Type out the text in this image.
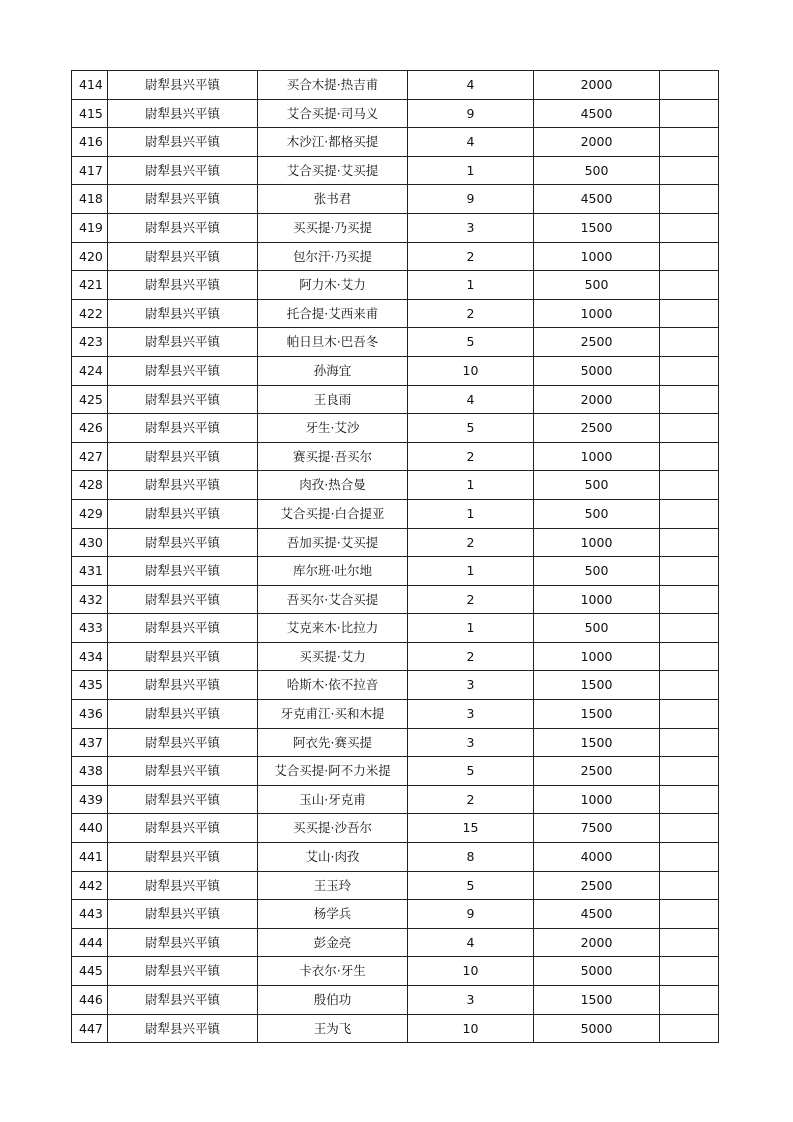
414	尉犁县兴平镇	买合木提·热吉甫	4	2000	
415	尉犁县兴平镇	艾合买提·司马义	9	4500	
416	尉犁县兴平镇	木沙江·都格买提	4	2000	
417	尉犁县兴平镇	艾合买提·艾买提	1	500	
418	尉犁县兴平镇	张书君	9	4500	
419	尉犁县兴平镇	买买提·乃买提	3	1500	
420	尉犁县兴平镇	包尔汗·乃买提	2	1000	
421	尉犁县兴平镇	阿力木·艾力	1	500	
422	尉犁县兴平镇	托合提·艾西来甫	2	1000	
423	尉犁县兴平镇	帕日旦木·巴吾冬	5	2500	
424	尉犁县兴平镇	孙海宜	10	5000	
425	尉犁县兴平镇	王良雨	4	2000	
426	尉犁县兴平镇	牙生·艾沙	5	2500	
427	尉犁县兴平镇	赛买提·吾买尔	2	1000	
428	尉犁县兴平镇	肉孜·热合曼	1	500	
429	尉犁县兴平镇	艾合买提·白合提亚	1	500	
430	尉犁县兴平镇	吾加买提·艾买提	2	1000	
431	尉犁县兴平镇	库尔班·吐尔地	1	500	
432	尉犁县兴平镇	吾买尔·艾合买提	2	1000	
433	尉犁县兴平镇	艾克来木·比拉力	1	500	
434	尉犁县兴平镇	买买提·艾力	2	1000	
435	尉犁县兴平镇	哈斯木·依不拉音	3	1500	
436	尉犁县兴平镇	牙克甫江·买和木提	3	1500	
437	尉犁县兴平镇	阿衣先·赛买提	3	1500	
438	尉犁县兴平镇	艾合买提·阿不力米提	5	2500	
439	尉犁县兴平镇	玉山·牙克甫	2	1000	
440	尉犁县兴平镇	买买提·沙吾尔	15	7500	
441	尉犁县兴平镇	艾山·肉孜	8	4000	
442	尉犁县兴平镇	王玉玲	5	2500	
443	尉犁县兴平镇	杨学兵	9	4500	
444	尉犁县兴平镇	彭金亮	4	2000	
445	尉犁县兴平镇	卡衣尔·牙生	10	5000	
446	尉犁县兴平镇	殷伯功	3	1500	
447	尉犁县兴平镇	王为飞	10	5000	
